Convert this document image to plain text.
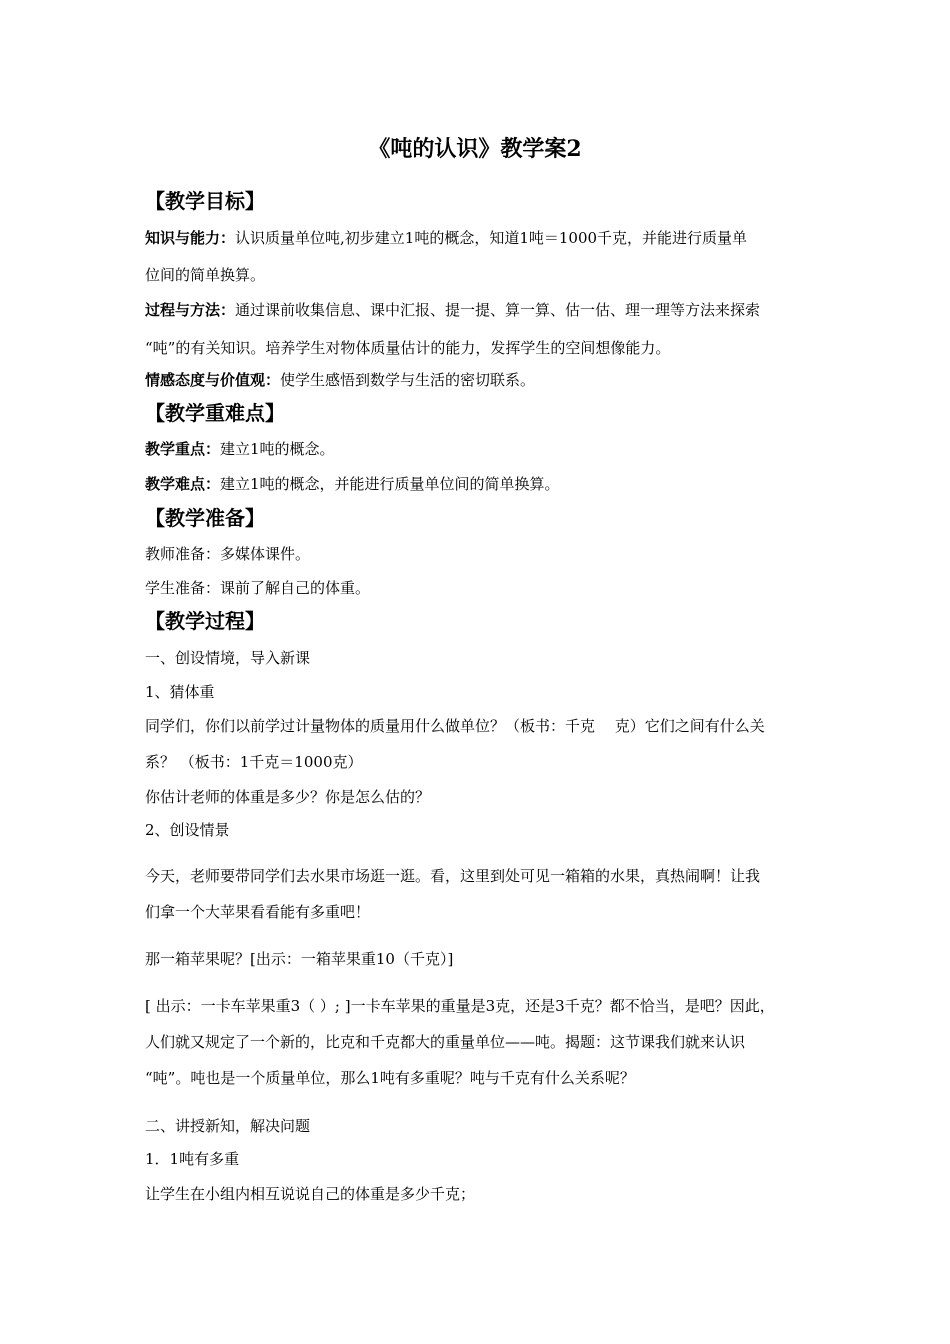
《吨的认识》教学案2
【教学目标】
知识与能力：认识质量单位吨,初步建立1吨的概念，知道1吨＝1000千克，并能进行质量单
位间的简单换算。
过程与方法：通过课前收集信息、课中汇报、提一提、算一算、估一估、理一理等方法来探索
“吨”的有关知识。培养学生对物体质量估计的能力，发挥学生的空间想像能力。
情感态度与价值观：使学生感悟到数学与生活的密切联系。
【教学重难点】
教学重点：建立1吨的概念。
教学难点：建立1吨的概念，并能进行质量单位间的简单换算。
【教学准备】
教师准备：多媒体课件。
学生准备：课前了解自己的体重。
【教学过程】
一、创设情境，导入新课
1、猜体重
同学们，你们以前学过计量物体的质量用什么做单位？（板书：千克　 克）它们之间有什么关
系？ （板书：1千克＝1000克）
你估计老师的体重是多少？你是怎么估的？
2、创设情景
今天，老师要带同学们去水果市场逛一逛。看，这里到处可见一箱箱的水果，真热闹啊！让我
们拿一个大苹果看看能有多重吧！
那一箱苹果呢？[出示：一箱苹果重10（千克）]
[ 出示：一卡车苹果重3（ ）; ]一卡车苹果的重量是3克，还是3千克？都不恰当，是吧？因此，
人们就又规定了一个新的，比克和千克都大的重量单位——吨。揭题：这节课我们就来认识
“吨”。吨也是一个质量单位，那么1吨有多重呢？吨与千克有什么关系呢？
二、讲授新知，解决问题
1．1吨有多重
让学生在小组内相互说说自己的体重是多少千克；
